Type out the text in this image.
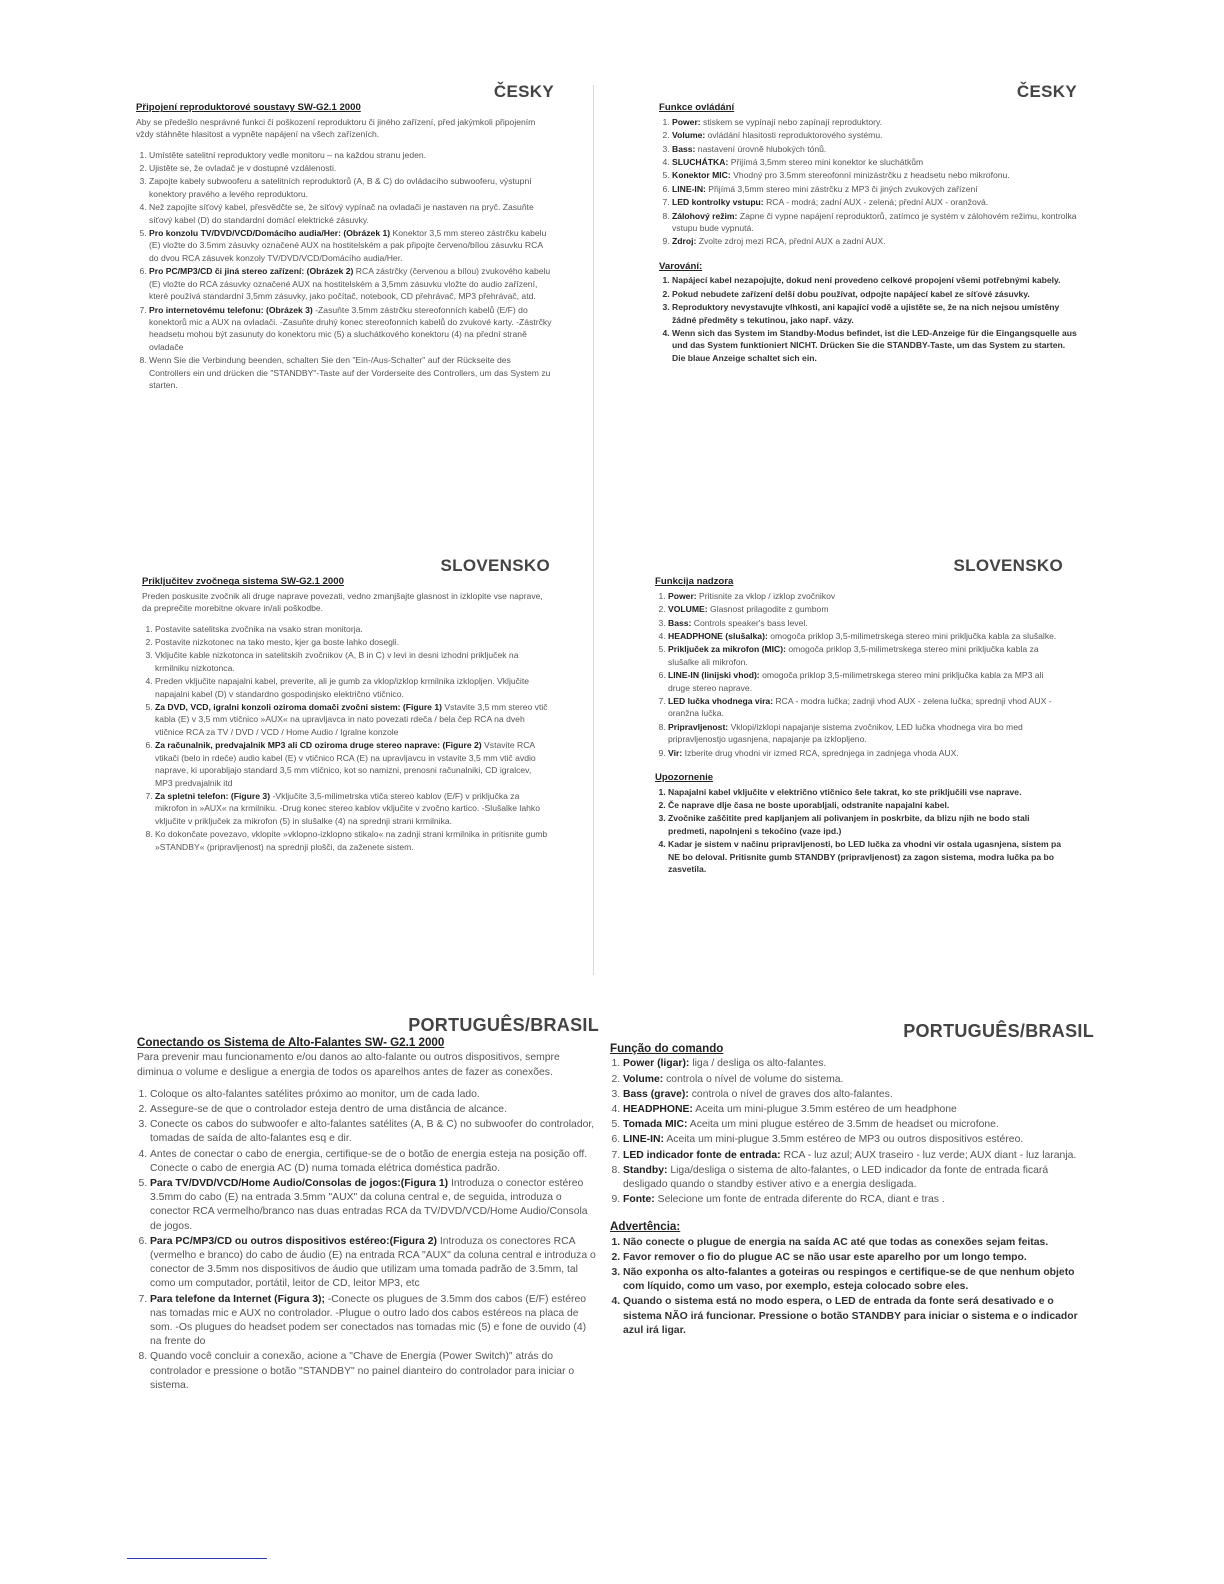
ČESKY
Připojení reproduktorové soustavy SW-G2.1 2000

Aby se předešlo nesprávné funkci či poškození reproduktoru či jiného zařízení, před jakýmkoli připojením vždy stáhněte hlasitost a vypněte napájení na všech zařízeních.

1. Umístěte satelitní reproduktory vedle monitoru – na každou stranu jeden.
2. Ujistěte se, že ovladač je v dostupné vzdálenosti.
3. Zapojte kabely subwooferu a satelitních reproduktorů (A, B & C) do ovládacího subwooferu, výstupní konektory pravého a levého reproduktoru.
4. Než zapojíte síťový kabel, přesvědčte se, že síťový vypínač na ovladači je nastaven na pryč. Zasuňte síťový kabel (D) do standardní domácí elektrické zásuvky.
5. Pro konzolu TV/DVD/VCD/Domácího audia/Her: (Obrázek 1) Konektor 3,5 mm stereo zástrčku kabelu (E) vložte do 3.5mm zásuvky označené AUX na hostitelském a pak připojte červeno/bílou zásuvku RCA do dvou RCA zásuvek konzoly TV/DVD/VCD/Domácího audia/Her.
6. Pro PC/MP3/CD či jiná stereo zařízení: (Obrázek 2) RCA zástrčky (červenou a bílou) zvukového kabelu (E) vložte do RCA zásuvky označené AUX na hostitelském a 3,5mm zásuvku vložte do audio zařízení, které používá standardní 3,5mm zásuvky, jako počítač, notebook, CD přehrávač, MP3 přehrávač, atd.
7. Pro internetovému telefonu: (Obrázek 3) -Zasuňte 3.5mm zástrčku stereofonních kabelů (E/F) do konektorů mic a AUX na ovladači. -Zasuňte druhý konec stereofonních kabelů do zvukové karty. -Zástrčky headsetu mohou být zasunuty do konektoru mic (5) a sluchátkového konektoru (4) na přední straně ovladače
8. Wenn Sie die Verbindung beenden, schalten Sie den "Ein-/Aus-Schalter" auf der Rückseite des Controllers ein und drücken die "STANDBY"-Taste auf der Vorderseite des Controllers, um das System zu starten.
ČESKY
Funkce ovládání
1. Power: stiskem se vypínají nebo zapínají reproduktory.
2. Volume: ovládání hlasitosti reproduktorového systému.
3. Bass: nastavení úrovně hlubokých tónů.
4. SLUCHÁTKA: Přijímá 3,5mm stereo mini konektor ke sluchátkům
5. Konektor MIC: Vhodný pro 3.5mm stereofonní minizástrčku z headsetu nebo mikrofonu.
6. LINE-IN: Přijímá 3,5mm stereo mini zástrčku z MP3 či jiných zvukových zařízení
7. LED kontrolky vstupu: RCA - modrá; zadní AUX - zelená; přední AUX - oranžová.
8. Zálohový režim: Zapne či vypne napájení reproduktorů, zatímco je systém v zálohovém režimu, kontrolka vstupu bude vypnutá.
9. Zdroj: Zvolte zdroj mezi RCA, přední AUX a zadní AUX.
Varování:
1. Napájecí kabel nezapojujte, dokud není provedeno celkové propojení všemi potřebnými kabely.
2. Pokud nebudete zařízení delší dobu používat, odpojte napájecí kabel ze síťové zásuvky.
3. Reproduktory nevystavujte vlhkosti, ani kapající vodě a ujistěte se, že na nich nejsou umístěny žádné předměty s tekutinou, jako např. vázy.
4. Wenn sich das System im Standby-Modus befindet, ist die LED-Anzeige für die Eingangsquelle aus und das System funktioniert NICHT. Drücken Sie die STANDBY-Taste, um das System zu starten. Die blaue Anzeige schaltet sich ein.
SLOVENSKO
Priključitev zvočnega sistema SW-G2.1 2000

Preden poskusite zvočnik ali druge naprave povezati, vedno zmanjšajte glasnost in izklopite vse naprave, da preprečite morebitne okvare in/ali poškodbe.

1. Postavite satelitska zvočnika na vsako stran monitorja.
2. Postavite nizkotonec na tako mesto, kjer ga boste lahko dosegli.
3. Vključite kable nizkotonca in satelitskih zvočnikov (A, B in C) v levi in desni izhodni priključek na krmilniku nizkotonca.
4. Preden vključite napajalni kabel, preverite, ali je gumb za vklop/izklop krmilnika izklopljen. Vključite napajalni kabel (D) v standardno gospodinjsko električno vtičnico.
5. Za DVD, VCD, igralni konzoli oziroma domači zvočni sistem: (Figure 1) Vstavite 3,5 mm stereo vtič kabla (E) v 3,5 mm vtičnico »AUX« na upravljavca in nato povezati rdeča / bela čep RCA na dveh vtičnice RCA za TV / DVD / VCD / Home Audio / Igralne konzole
6. Za računalnik, predvajalnik MP3 ali CD oziroma druge stereo naprave: (Figure 2) Vstavite RCA vtikači (belo in rdeče) audio kabel (E) v vtičnico RCA (E) na upravljavcu in vstavite 3,5 mm vtič avdio naprave, ki uporabljajo standard 3,5 mm vtičnico, kot so namizni, prenosni računalniki, CD igralcev, MP3 predvajalnik itd
7. Za spletni telefon: (Figure 3) -Vključite 3,5-milimetrska vtiča stereo kablov (E/F) v priključka za mikrofon in »AUX« na krmilniku. -Drug konec stereo kablov vključite v zvočno kartico. -Slušalke lahko vključite v priključek za mikrofon (5) in slušalke (4) na sprednji strani krmilnika.
8. Ko dokončate povezavo, vklopite »vklopno-izklopno stikalo« na zadnji strani krmilnika in pritisnite gumb »STANDBY« (pripravljenost) na sprednji plošči, da zaženete sistem.
SLOVENSKO
Funkcija nadzora
1. Power: Pritisnite za vklop / izklop zvočnikov
2. VOLUME: Glasnost prilagodite z gumbom
3. Bass: Controls speaker's bass level.
4. HEADPHONE (slušalka): omogoča priklop 3,5-milimetrskega stereo mini priključka kabla za slušalke.
5. Priključek za mikrofon (MIC): omogoča priklop 3,5-milimetrskega stereo mini priključka kabla za slušalke ali mikrofon.
6. LINE-IN (linijski vhod): omogoča priklop 3,5-milimetrskega stereo mini priključka kabla za MP3 ali druge stereo naprave.
7. LED lučka vhodnega vira: RCA - modra lučka; zadnji vhod AUX - zelena lučka; sprednji vhod AUX - oranžna lučka.
8. Pripravljenost: Vklopi/izklopi napajanje sistema zvočnikov, LED lučka vhodnega vira bo med pripravljenostjo ugasnjena, napajanje pa izklopljeno.
9. Vir: Izberite drug vhodni vir izmed RCA, sprednjega in zadnjega vhoda AUX.
Upozornenie
1. Napajalni kabel vključite v električno vtičnico šele takrat, ko ste priključili vse naprave.
2. Če naprave dlje časa ne boste uporabljali, odstranite napajalni kabel.
3. Zvočnike zaščitite pred kapljanjem ali polivanjem in poskrbite, da blizu njih ne bodo stali predmeti, napolnjeni s tekočino (vaze ipd.)
4. Kadar je sistem v načinu pripravljenosti, bo LED lučka za vhodni vir ostala ugasnjena, sistem pa NE bo deloval. Pritisnite gumb STANDBY (pripravljenost) za zagon sistema, modra lučka pa bo zasvetila.
PORTUGUÊS/BRASIL
Conectando os Sistema de Alto-Falantes SW- G2.1 2000

Para prevenir mau funcionamento e/ou danos ao alto-falante ou outros dispositivos, sempre diminua o volume e desligue a energia de todos os aparelhos antes de fazer as conexões.

1. Coloque os alto-falantes satélites próximo ao monitor, um de cada lado.
2. Assegure-se de que o controlador esteja dentro de uma distância de alcance.
3. Conecte os cabos do subwoofer e alto-falantes satélites (A, B & C) no subwoofer do controlador, tomadas de saída de alto-falantes esq e dir.
4. Antes de conectar o cabo de energia, certifique-se de o botão de energia esteja na posição off. Conecte o cabo de energia AC (D) numa tomada elétrica doméstica padrão.
5. Para TV/DVD/VCD/Home Audio/Consolas de jogos:(Figura 1) Introduza o conector estéreo 3.5mm do cabo (E) na entrada 3.5mm "AUX" da coluna central e, de seguida, introduza o conector RCA vermelho/branco nas duas entradas RCA da TV/DVD/VCD/Home Audio/Consola de jogos.
6. Para PC/MP3/CD ou outros dispositivos estéreo:(Figura 2) Introduza os conectores RCA (vermelho e branco) do cabo de áudio (E) na entrada RCA "AUX" da coluna central e introduza o conector de 3.5mm nos dispositivos de áudio que utilizam uma tomada padrão de 3.5mm, tal como um computador, portátil, leitor de CD, leitor MP3, etc
7. Para telefone da Internet (Figura 3); -Conecte os plugues de 3.5mm dos cabos (E/F) estéreo nas tomadas mic e AUX no controlador. -Plugue o outro lado dos cabos estéreos na placa de som. -Os plugues do headset podem ser conectados nas tomadas mic (5) e fone de ouvido (4) na frente do
8. Quando você concluir a conexão, acione a "Chave de Energia (Power Switch)" atrás do controlador e pressione o botão "STANDBY" no painel dianteiro do controlador para iniciar o sistema.
PORTUGUÊS/BRASIL
Função do comando
1. Power (ligar): liga / desliga os alto-falantes.
2. Volume: controla o nível de volume do sistema.
3. Bass (grave): controla o nível de graves dos alto-falantes.
4. HEADPHONE: Aceita um mini-plugue 3.5mm estéreo de um headphone
5. Tomada MIC: Aceita um mini plugue estéreo de 3.5mm de headset ou microfone.
6. LINE-IN: Aceita um mini-plugue 3.5mm estéreo de MP3 ou outros dispositivos estéreo.
7. LED indicador fonte de entrada: RCA - luz azul; AUX traseiro - luz verde; AUX diant - luz laranja.
8. Standby: Liga/desliga o sistema de alto-falantes, o LED indicador da fonte de entrada ficará desligado quando o standby estiver ativo e a energia desligada.
9. Fonte: Selecione um fonte de entrada diferente do RCA, diant e tras .
Advertência:
1. Não conecte o plugue de energia na saída AC até que todas as conexões sejam feitas.
2. Favor remover o fio do plugue AC se não usar este aparelho por um longo tempo.
3. Não exponha os alto-falantes a goteiras ou respingos e certifique-se de que nenhum objeto com líquido, como um vaso, por exemplo, esteja colocado sobre eles.
4. Quando o sistema está no modo espera, o LED de entrada da fonte será desativado e o sistema NÃO irá funcionar. Pressione o botão STANDBY para iniciar o sistema e o indicador azul irá ligar.
